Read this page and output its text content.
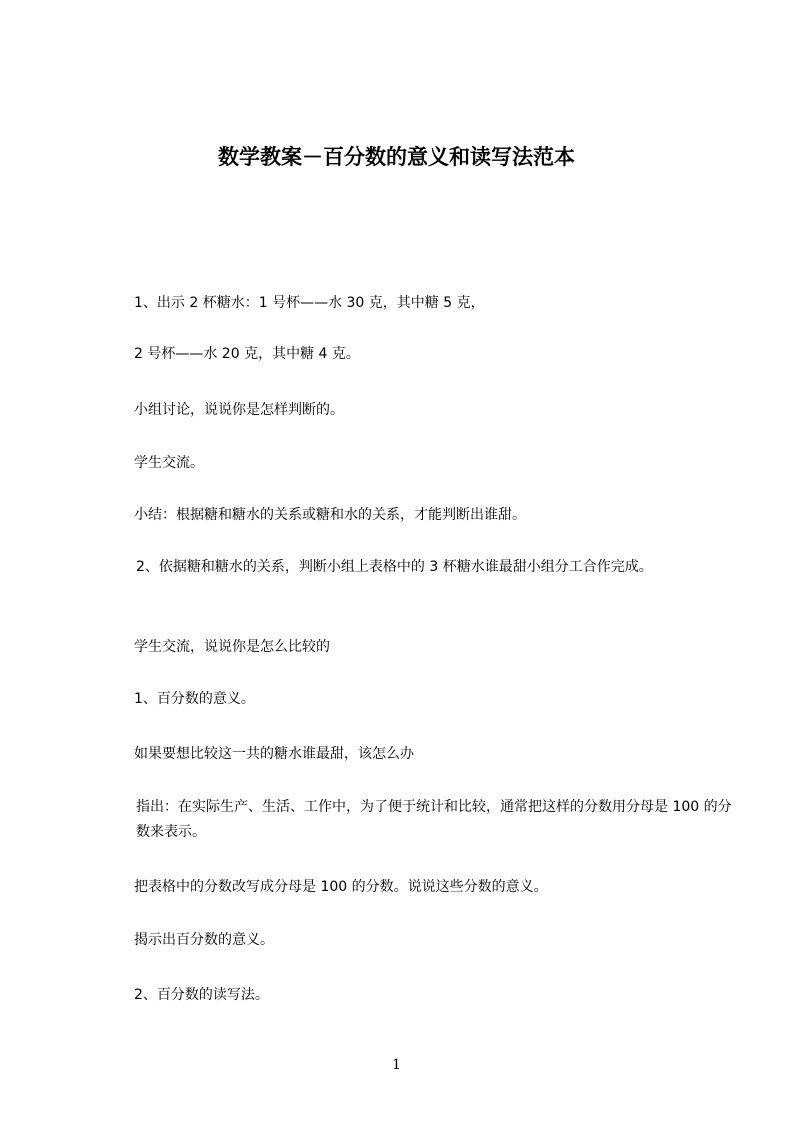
数学教案－百分数的意义和读写法范本
1、出示 2 杯糖水：1 号杯——水 30 克，其中糖 5 克，
2 号杯——水 20 克，其中糖 4 克。
小组讨论，说说你是怎样判断的。
学生交流。
小结：根据糖和糖水的关系或糖和水的关系，才能判断出谁甜。
2、依据糖和糖水的关系，判断小组上表格中的 3 杯糖水谁最甜小组分工合作完成。
学生交流，说说你是怎么比较的
1、百分数的意义。
如果要想比较这一共的糖水谁最甜，该怎么办
指出：在实际生产、生活、工作中，为了便于统计和比较，通常把这样的分数用分母是 100 的分数来表示。
把表格中的分数改写成分母是 100 的分数。说说这些分数的意义。
揭示出百分数的意义。
2、百分数的读写法。
1
